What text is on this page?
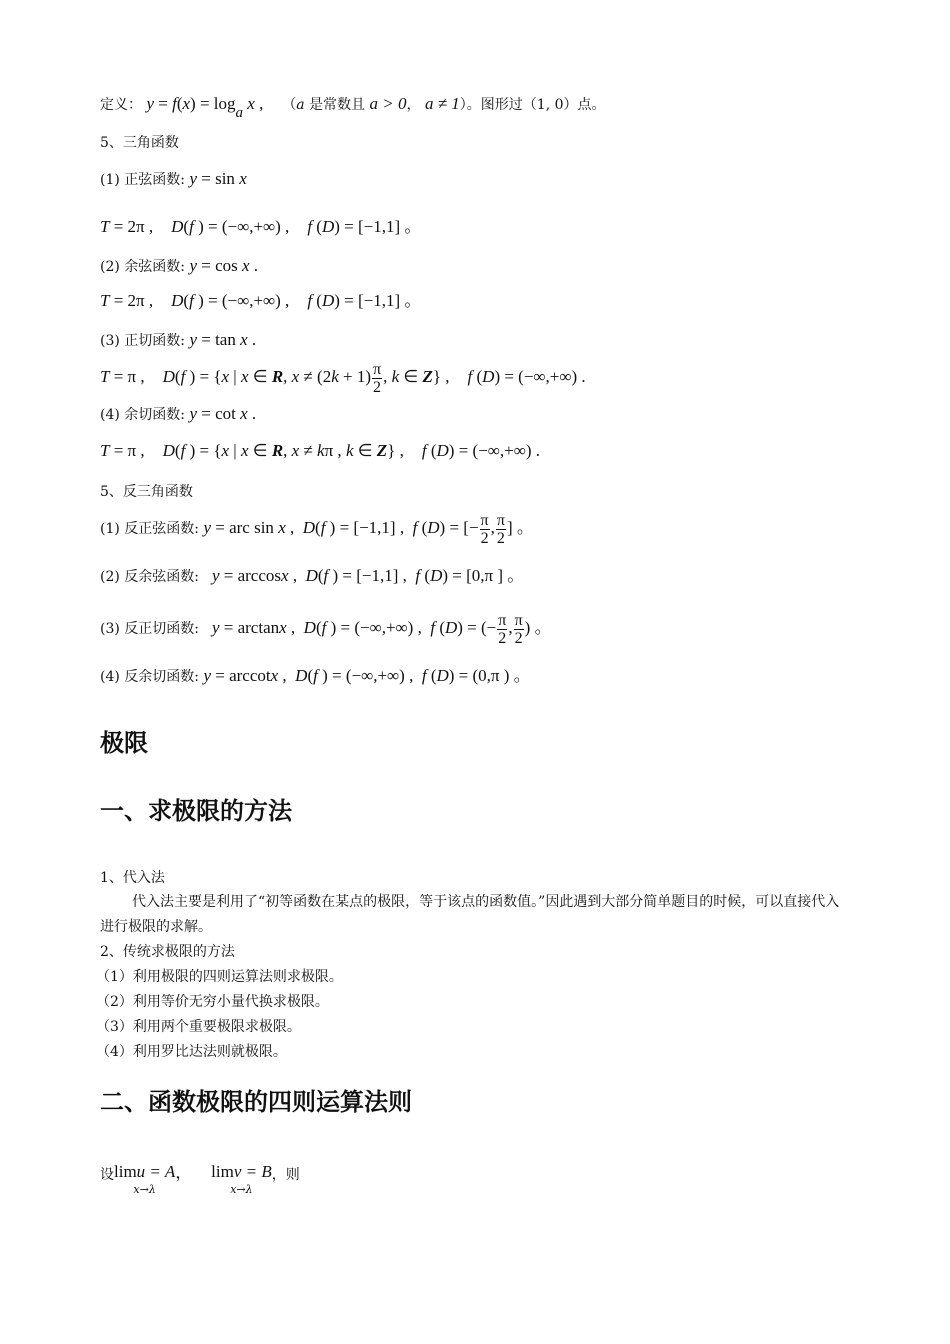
定义： y = f(x) = loga x , （a 是常数且 a > 0， a ≠ 1）。图形过（1, 0）点。
5、三角函数
(1) 正弦函数: y = sin x
T = 2π , D(f ) = (−∞,+∞) , f (D) = [−1,1] 。
(2) 余弦函数: y = cos x .
T = 2π , D(f ) = (−∞,+∞) , f (D) = [−1,1] 。
(3) 正切函数: y = tan x .
T = π , D(f ) = {x | x ∈ R, $x \ne (2k + 1) \frac{\pi}{2}$ , k ∈ Z} , f (D) = (−∞,+∞) .
(4) 余切函数: y = cot x .
T = π , D(f ) = {x | x ∈ R, x ≠ kπ , k ∈ Z} , f (D) = (−∞,+∞) .
5、反三角函数
(1) 反正弦函数: y = arc sin x ,  D(f ) = [−1,1] ,  f (D) = [− $\frac{\pi}{2}$ , $\frac{\pi}{2}$ ] 。
(2) 反余弦函数: y = arccosx ,  D(f ) = [−1,1] ,  f (D) = [0,π ] 。
(3) 反正切函数: y = arctanx ,  D(f ) = (−∞,+∞) ,  f (D) = (− $\frac{\pi}{2}$ , $\frac{\pi}{2}$ ) 。
(4) 反余切函数: y = arccotx ,  D(f ) = (−∞,+∞) ,  f (D) = (0,π ) 。
极限
一、求极限的方法
1、代入法
代入法主要是利用了“初等函数在某点的极限，等于该点的函数值。”因此遇到大部分简单题目的时候，可以直接代入进行极限的求解。
2、传统求极限的方法
（1）利用极限的四则运算法则求极限。
（2）利用等价无穷小量代换求极限。
（3）利用两个重要极限求极限。
（4）利用罗比达法则就极限。
二、函数极限的四则运算法则
设 limu = A
x→λ
， limv = B
x→λ
，则
